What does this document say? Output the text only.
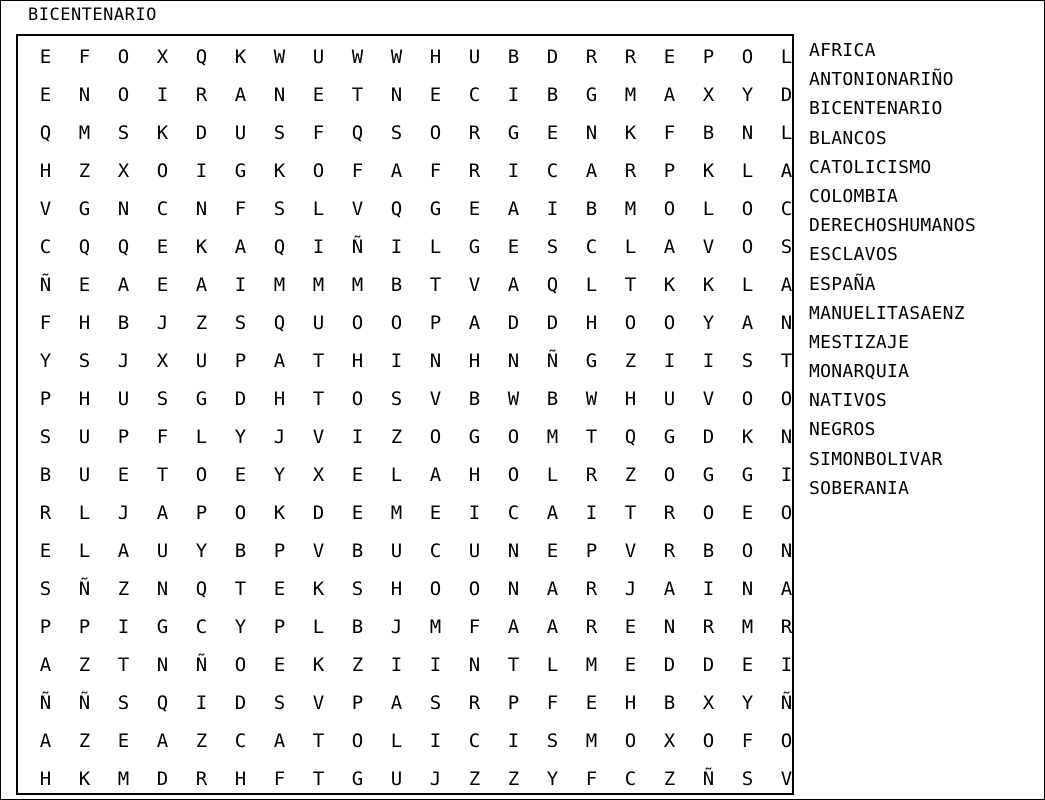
BICENTENARIO
E	F	O	X	Q	K	W	U	W	W	H	U	B	D	R	R	E	P	O	L
E	N	O	I	R	A	N	E	T	N	E	C	I	B	G	M	A	X	Y	D
Q	M	S	K	D	U	S	F	Q	S	O	R	G	E	N	K	F	B	N	L
H	Z	X	O	I	G	K	O	F	A	F	R	I	C	A	R	P	K	L	A
V	G	N	C	N	F	S	L	V	Q	G	E	A	I	B	M	O	L	O	C
C	Q	Q	E	K	A	Q	I	Ñ	I	L	G	E	S	C	L	A	V	O	S
Ñ	E	A	E	A	I	M	M	M	B	T	V	A	Q	L	T	K	K	L	A
F	H	B	J	Z	S	Q	U	O	O	P	A	D	D	H	O	O	Y	A	N
Y	S	J	X	U	P	A	T	H	I	N	H	N	Ñ	G	Z	I	I	S	T
P	H	U	S	G	D	H	T	O	S	V	B	W	B	W	H	U	V	O	O
S	U	P	F	L	Y	J	V	I	Z	O	G	O	M	T	Q	G	D	K	N
B	U	E	T	O	E	Y	X	E	L	A	H	O	L	R	Z	O	G	G	I
R	L	J	A	P	O	K	D	E	M	E	I	C	A	I	T	R	O	E	O
E	L	A	U	Y	B	P	V	B	U	C	U	N	E	P	V	R	B	O	N
S	Ñ	Z	N	Q	T	E	K	S	H	O	O	N	A	R	J	A	I	N	A
P	P	I	G	C	Y	P	L	B	J	M	F	A	A	R	E	N	R	M	R
A	Z	T	N	Ñ	O	E	K	Z	I	I	N	T	L	M	E	D	D	E	I
Ñ	Ñ	S	Q	I	D	S	V	P	A	S	R	P	F	E	H	B	X	Y	Ñ
A	Z	E	A	Z	C	A	T	O	L	I	C	I	S	M	O	X	O	F	O
H	K	M	D	R	H	F	T	G	U	J	Z	Z	Y	F	C	Z	Ñ	S	V
AFRICA
ANTONIONARIÑO
BICENTENARIO
BLANCOS
CATOLICISMO
COLOMBIA
DERECHOSHUMANOS
ESCLAVOS
ESPAÑA
MANUELITASAENZ
MESTIZAJE
MONARQUIA
NATIVOS
NEGROS
SIMONBOLIVAR
SOBERANIA
